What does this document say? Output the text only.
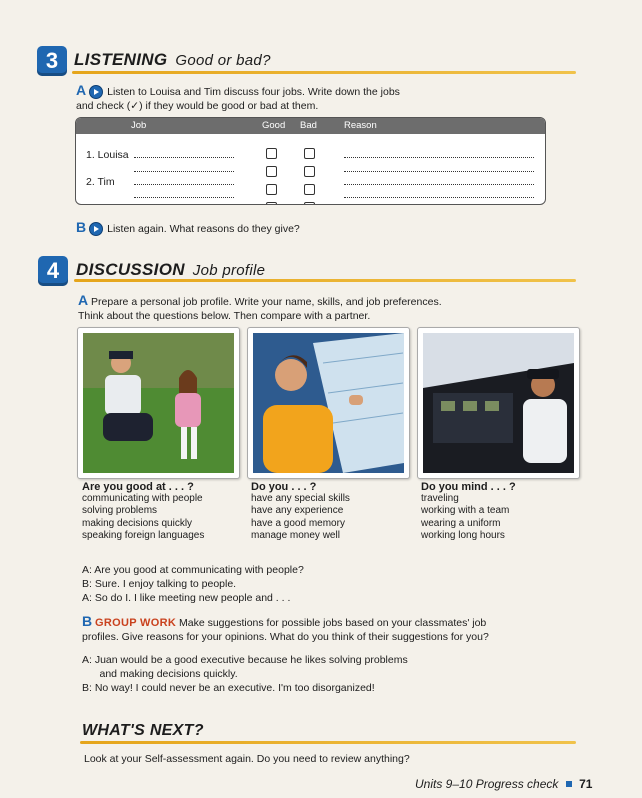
3 LISTENING Good or bad?
A Listen to Louisa and Tim discuss four jobs. Write down the jobs
and check (✓) if they would be good or bad at them.
Job	Good Bad	Reason
1. Louisa
2. Tim

B Listen again. What reasons do they give?
4 DISCUSSION Job profile
A Prepare a personal job profile. Write your name, skills, and job preferences.
Think about the questions below. Then compare with a partner.
Are you good at . . . ?
communicating with people
solving problems
making decisions quickly
speaking foreign languages
Do you . . . ?
have any special skills
have any experience
have a good memory
manage money well
Do you mind . . . ?
traveling
working with a team
wearing a uniform
working long hours
A: Are you good at communicating with people?
B: Sure. I enjoy talking to people.
A: So do I. I like meeting new people and . . .
B GROUP WORK Make suggestions for possible jobs based on your classmates' job
profiles. Give reasons for your opinions. What do you think of their suggestions for you?
A: Juan would be a good executive because he likes solving problems
and making decisions quickly.
B: No way! I could never be an executive. I'm too disorganized!
WHAT'S NEXT?
Look at your Self-assessment again. Do you need to review anything?
Units 9–10 Progress check 71
